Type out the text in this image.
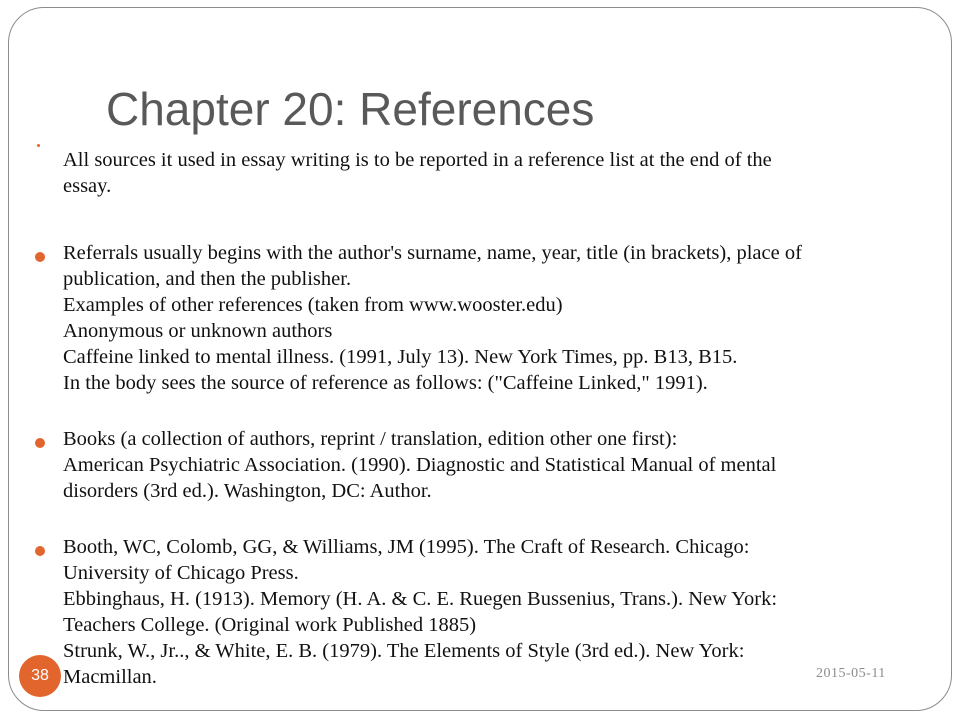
Chapter 20: References
All sources it used in essay writing is to be reported in a reference list at the end of the
essay.
Referrals usually begins with the author's surname, name, year, title (in brackets), place of
publication, and then the publisher.
Examples of other references (taken from www.wooster.edu)
Anonymous or unknown authors
Caffeine linked to mental illness. (1991, July 13). New York Times, pp. B13, B15.
In the body sees the source of reference as follows: ("Caffeine Linked," 1991).
Books (a collection of authors, reprint / translation, edition other one first):
American Psychiatric Association. (1990). Diagnostic and Statistical Manual of mental
disorders (3rd ed.). Washington, DC: Author.
Booth, WC, Colomb, GG, & Williams, JM (1995). The Craft of Research. Chicago:
University of Chicago Press.
Ebbinghaus, H. (1913). Memory (H. A. & C. E. Ruegen Bussenius, Trans.). New York:
Teachers College. (Original work Published 1885)
Strunk, W., Jr.., & White, E. B. (1979). The Elements of Style (3rd ed.). New York:
Macmillan.
38	2015-05-11
